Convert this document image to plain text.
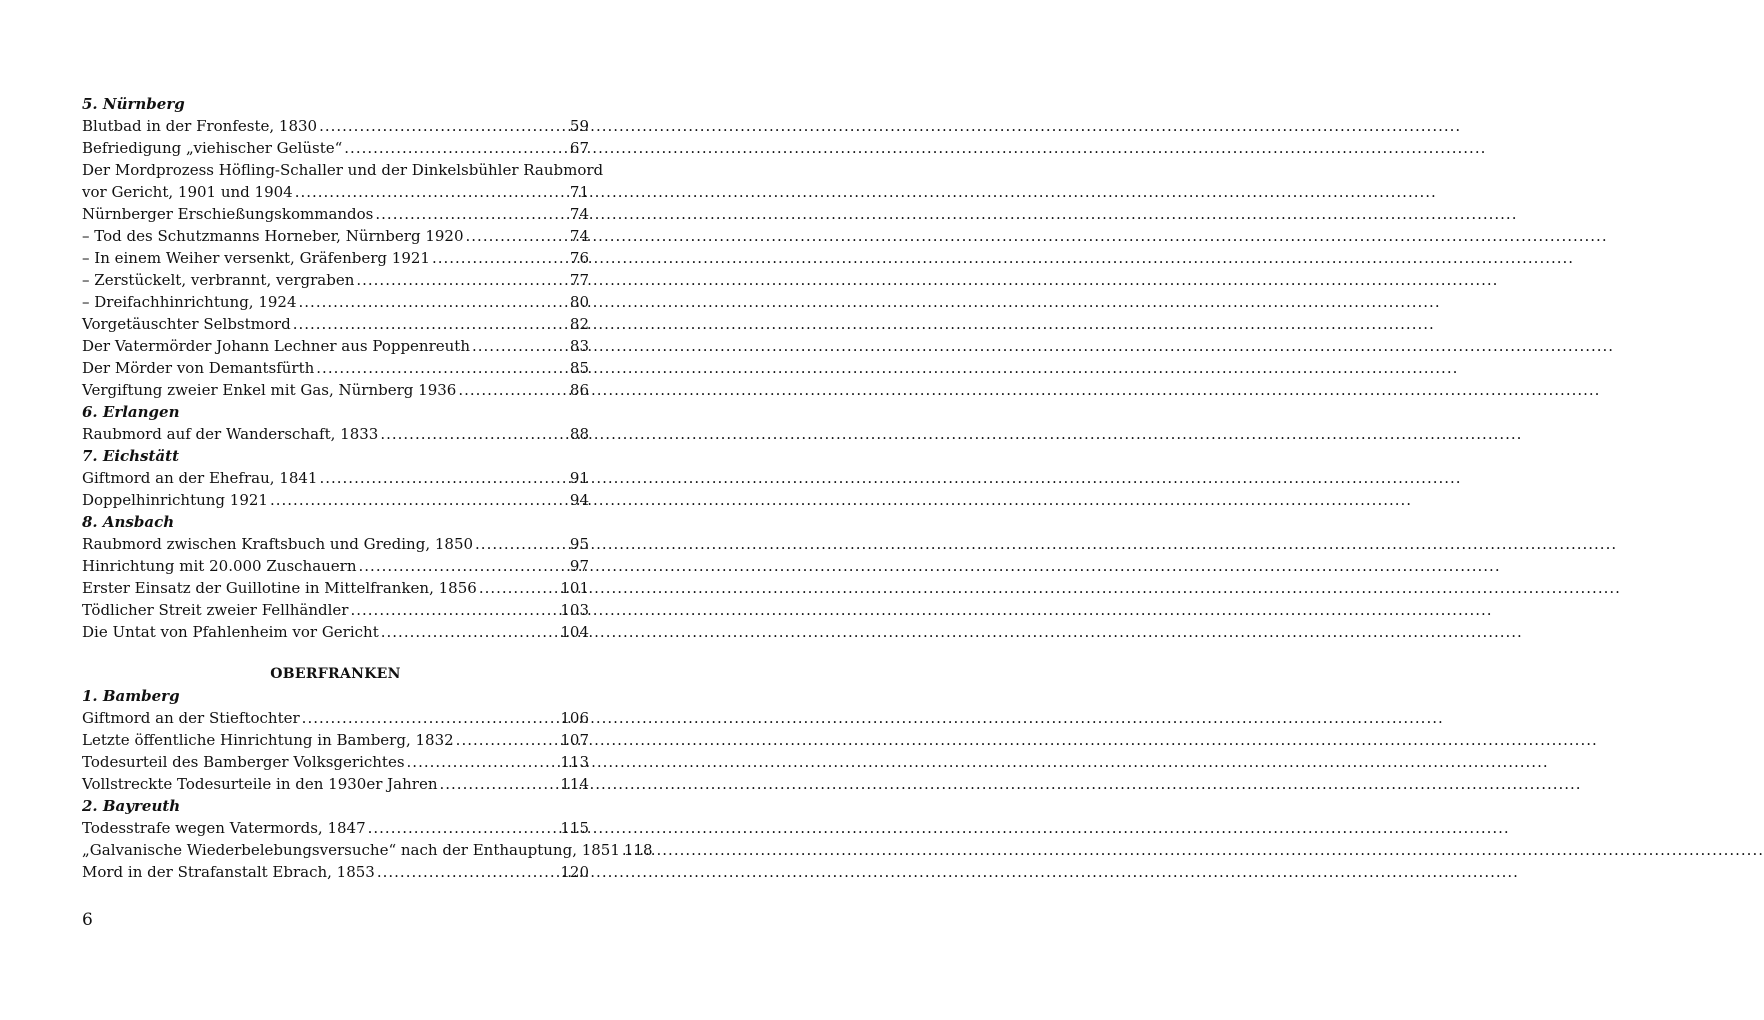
5. Nürnberg
Blutbad in der Fronfeste, 1830 .....	59
Befriedigung „viehischer Gelüste“ .....	67
Der Mordprozess Höfling-Schaller und der Dinkelsbühler Raubmord
vor Gericht, 1901 und 1904 .....	71
Nürnberger Erschießungskommandos .....	74
– Tod des Schutzmanns Horneber, Nürnberg 1920 .....	74
– In einem Weiher versenkt, Gräfenberg 1921 .....	76
– Zerstückelt, verbrannt, vergraben .....	77
– Dreifachhinrichtung, 1924 .....	80
Vorgetäuschter Selbstmord .....	82
Der Vatermörder Johann Lechner aus Poppenreuth .....	83
Der Mörder von Demantsfürth .....	85
Vergiftung zweier Enkel mit Gas, Nürnberg 1936 .....	86
6. Erlangen
Raubmord auf der Wanderschaft, 1833 .....	88
7. Eichstätt
Giftmord an der Ehefrau, 1841 .....	91
Doppelhinrichtung 1921 .....	94
8. Ansbach
Raubmord zwischen Kraftsbuch und Greding, 1850 .....	95
Hinrichtung mit 20.000 Zuschauern .....	97
Erster Einsatz der Guillotine in Mittelfranken, 1856 .....	101
Tödlicher Streit zweier Fellhändler .....	103
Die Untat von Pfahlenheim vor Gericht .....	104
OBERFRANKEN
1. Bamberg
Giftmord an der Stieftochter .....	106
Letzte öffentliche Hinrichtung in Bamberg, 1832 .....	107
Todesurteil des Bamberger Volksgerichtes .....	113
Vollstreckte Todesurteile in den 1930er Jahren .....	114
2. Bayreuth
Todesstrafe wegen Vatermords, 1847 .....	115
„Galvanische Wiederbelebungsversuche“ nach der Enthauptung, 1851 ..... 118
Mord in der Strafanstalt Ebrach, 1853 .....	120
6
